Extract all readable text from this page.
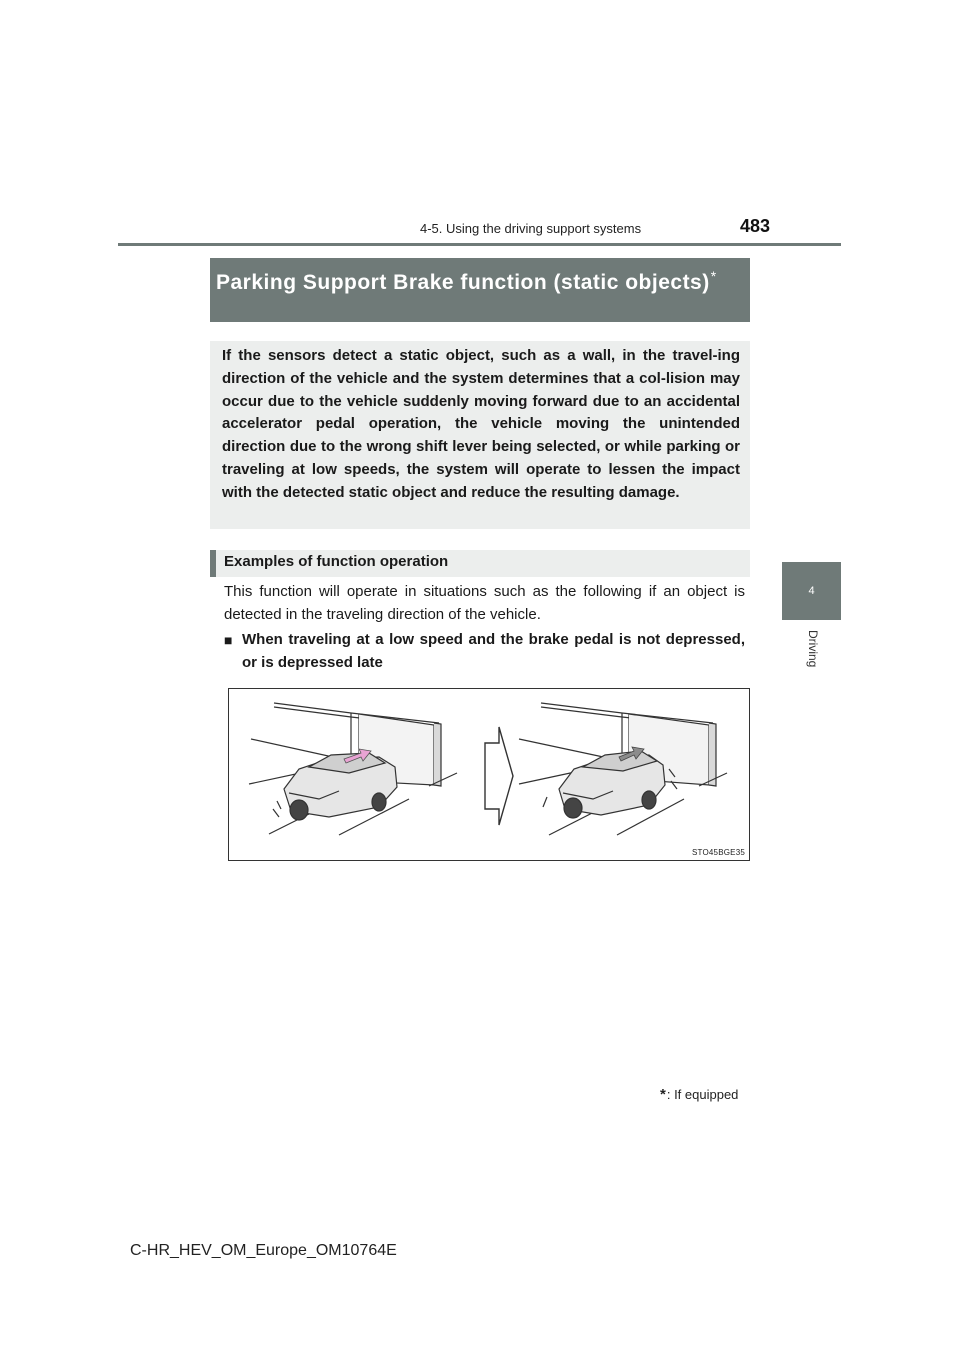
4-5. Using the driving support systems	483
4
Driving
Parking Support Brake function (static objects)*

If the sensors detect a static object, such as a wall, in the travel-ing direction of the vehicle and the system determines that a col-lision may occur due to the vehicle suddenly moving forward due to an accidental accelerator pedal operation, the vehicle moving the unintended direction due to the wrong shift lever being selected, or while parking or traveling at low speeds, the system will operate to lessen the impact with the detected static object and reduce the resulting damage.

Examples of function operation

This function will operate in situations such as the following if an object is detected in the traveling direction of the vehicle.

■ When traveling at a low speed and the brake pedal is not depressed, or is depressed late
STO45BGE35
*: If equipped
C-HR_HEV_OM_Europe_OM10764E
